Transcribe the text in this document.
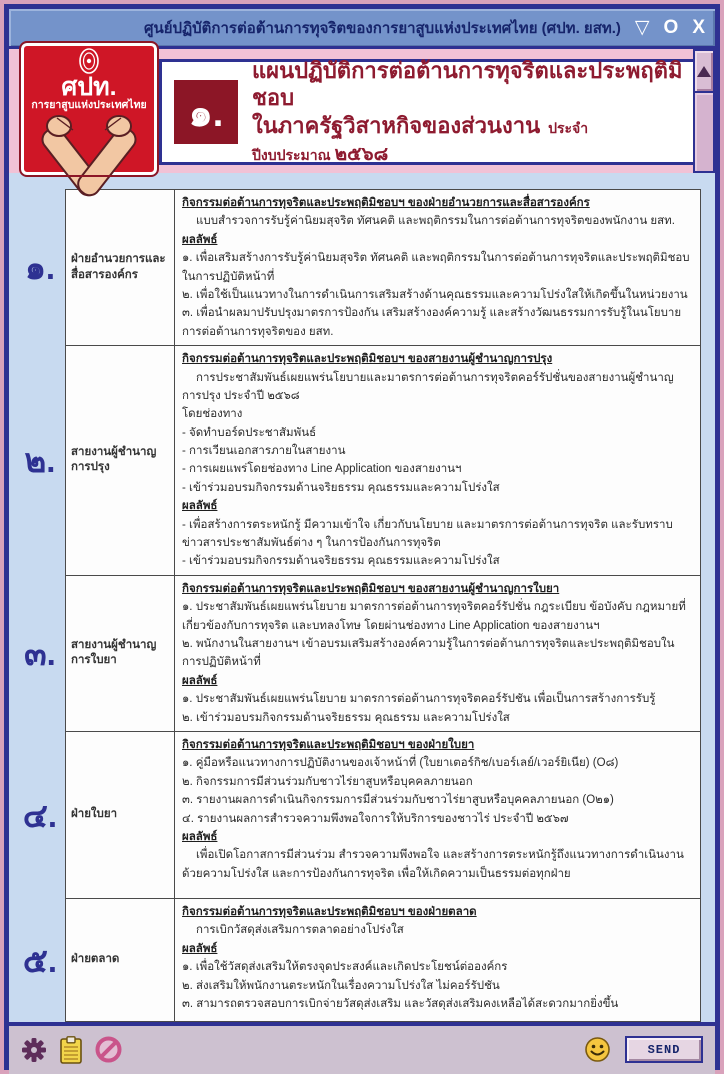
ศูนย์ปฏิบัติการต่อต้านการทุจริตของการยาสูบแห่งประเทศไทย (ศปท. ยสท.) ▽ O X
๑.
แผนปฏิบัติการต่อต้านการทุจริตและประพฤติมิชอบ
ในภาครัฐวิสาหกิจของส่วนงาน ประจำปีงบประมาณ ๒๕๖๘
ศปท.
การยาสูบแห่งประเทศไทย
๑.	ฝ่ายอำนวยการและสื่อสารองค์กร
กิจกรรมต่อต้านการทุจริตและประพฤติมิชอบฯ ของฝ่ายอำนวยการและสื่อสารองค์กร
แบบสำรวจการรับรู้ค่านิยมสุจริต ทัศนคติ และพฤติกรรมในการต่อต้านการทุจริตของพนักงาน ยสท.
ผลลัพธ์
๑. เพื่อเสริมสร้างการรับรู้ค่านิยมสุจริต ทัศนคติ และพฤติกรรมในการต่อต้านการทุจริตและประพฤติมิชอบในการปฏิบัติหน้าที่
๒. เพื่อใช้เป็นแนวทางในการดำเนินการเสริมสร้างด้านคุณธรรมและความโปร่งใสให้เกิดขึ้นในหน่วยงาน
๓. เพื่อนำผลมาปรับปรุงมาตรการป้องกัน เสริมสร้างองค์ความรู้ และสร้างวัฒนธรรมการรับรู้ในนโยบายการต่อต้านการทุจริตของ ยสท.
๒.	สายงานผู้ชำนาญการปรุง
กิจกรรมต่อต้านการทุจริตและประพฤติมิชอบฯ ของสายงานผู้ชำนาญการปรุง
การประชาสัมพันธ์เผยแพร่นโยบายและมาตรการต่อต้านการทุจริตคอร์รัปชั่นของสายงานผู้ชำนาญการปรุง ประจำปี ๒๕๖๘
โดยช่องทาง
- จัดทำบอร์ดประชาสัมพันธ์
- การเวียนเอกสารภายในสายงาน
- การเผยแพร่โดยช่องทาง Line Application ของสายงานฯ
- เข้าร่วมอบรมกิจกรรมด้านจริยธรรม คุณธรรมและความโปร่งใส
ผลลัพธ์
- เพื่อสร้างการตระหนักรู้ มีความเข้าใจ เกี่ยวกับนโยบาย และมาตรการต่อต้านการทุจริต และรับทราบข่าวสารประชาสัมพันธ์ต่าง ๆ ในการป้องกันการทุจริต
- เข้าร่วมอบรมกิจกรรมด้านจริยธรรม คุณธรรมและความโปร่งใส
๓.	สายงานผู้ชำนาญการใบยา
กิจกรรมต่อต้านการทุจริตและประพฤติมิชอบฯ ของสายงานผู้ชำนาญการใบยา
๑. ประชาสัมพันธ์เผยแพร่นโยบาย มาตรการต่อต้านการทุจริตคอร์รัปชั่น กฎระเบียบ ข้อบังคับ กฎหมายที่เกี่ยวข้องกับการทุจริต และบทลงโทษ โดยผ่านช่องทาง Line Application ของสายงานฯ
๒. พนักงานในสายงานฯ เข้าอบรมเสริมสร้างองค์ความรู้ในการต่อต้านการทุจริตและประพฤติมิชอบในการปฏิบัติหน้าที่
ผลลัพธ์
๑. ประชาสัมพันธ์เผยแพร่นโยบาย มาตรการต่อต้านการทุจริตคอร์รัปชัน เพื่อเป็นการสร้างการรับรู้
๒. เข้าร่วมอบรมกิจกรรมด้านจริยธรรม คุณธรรม และความโปร่งใส
๔.	ฝ่ายใบยา
กิจกรรมต่อต้านการทุจริตและประพฤติมิชอบฯ ของฝ่ายใบยา
๑. คู่มือหรือแนวทางการปฏิบัติงานของเจ้าหน้าที่ (ใบยาเตอร์กิช/เบอร์เลย์/เวอร์ยิเนีย) (O๘)
๒. กิจกรรมการมีส่วนร่วมกับชาวไร่ยาสูบหรือบุคคลภายนอก
๓. รายงานผลการดำเนินกิจกรรมการมีส่วนร่วมกับชาวไร่ยาสูบหรือบุคคลภายนอก (O๒๑)
๔. รายงานผลการสำรวจความพึงพอใจการให้บริการของชาวไร่ ประจำปี ๒๕๖๗
ผลลัพธ์
เพื่อเปิดโอกาสการมีส่วนร่วม สำรวจความพึงพอใจ และสร้างการตระหนักรู้ถึงแนวทางการดำเนินงานด้วยความโปร่งใส และการป้องกันการทุจริต เพื่อให้เกิดความเป็นธรรมต่อทุกฝ่าย
๕.	ฝ่ายตลาด
กิจกรรมต่อต้านการทุจริตและประพฤติมิชอบฯ ของฝ่ายตลาด
การเบิกวัสดุส่งเสริมการตลาดอย่างโปร่งใส
ผลลัพธ์
๑. เพื่อใช้วัสดุส่งเสริมให้ตรงจุดประสงค์และเกิดประโยชน์ต่อองค์กร
๒. ส่งเสริมให้พนักงานตระหนักในเรื่องความโปร่งใส ไม่คอร์รัปชัน
๓. สามารถตรวจสอบการเบิกจ่ายวัสดุส่งเสริม และวัสดุส่งเสริมคงเหลือได้สะดวกมากยิ่งขึ้น
SEND
